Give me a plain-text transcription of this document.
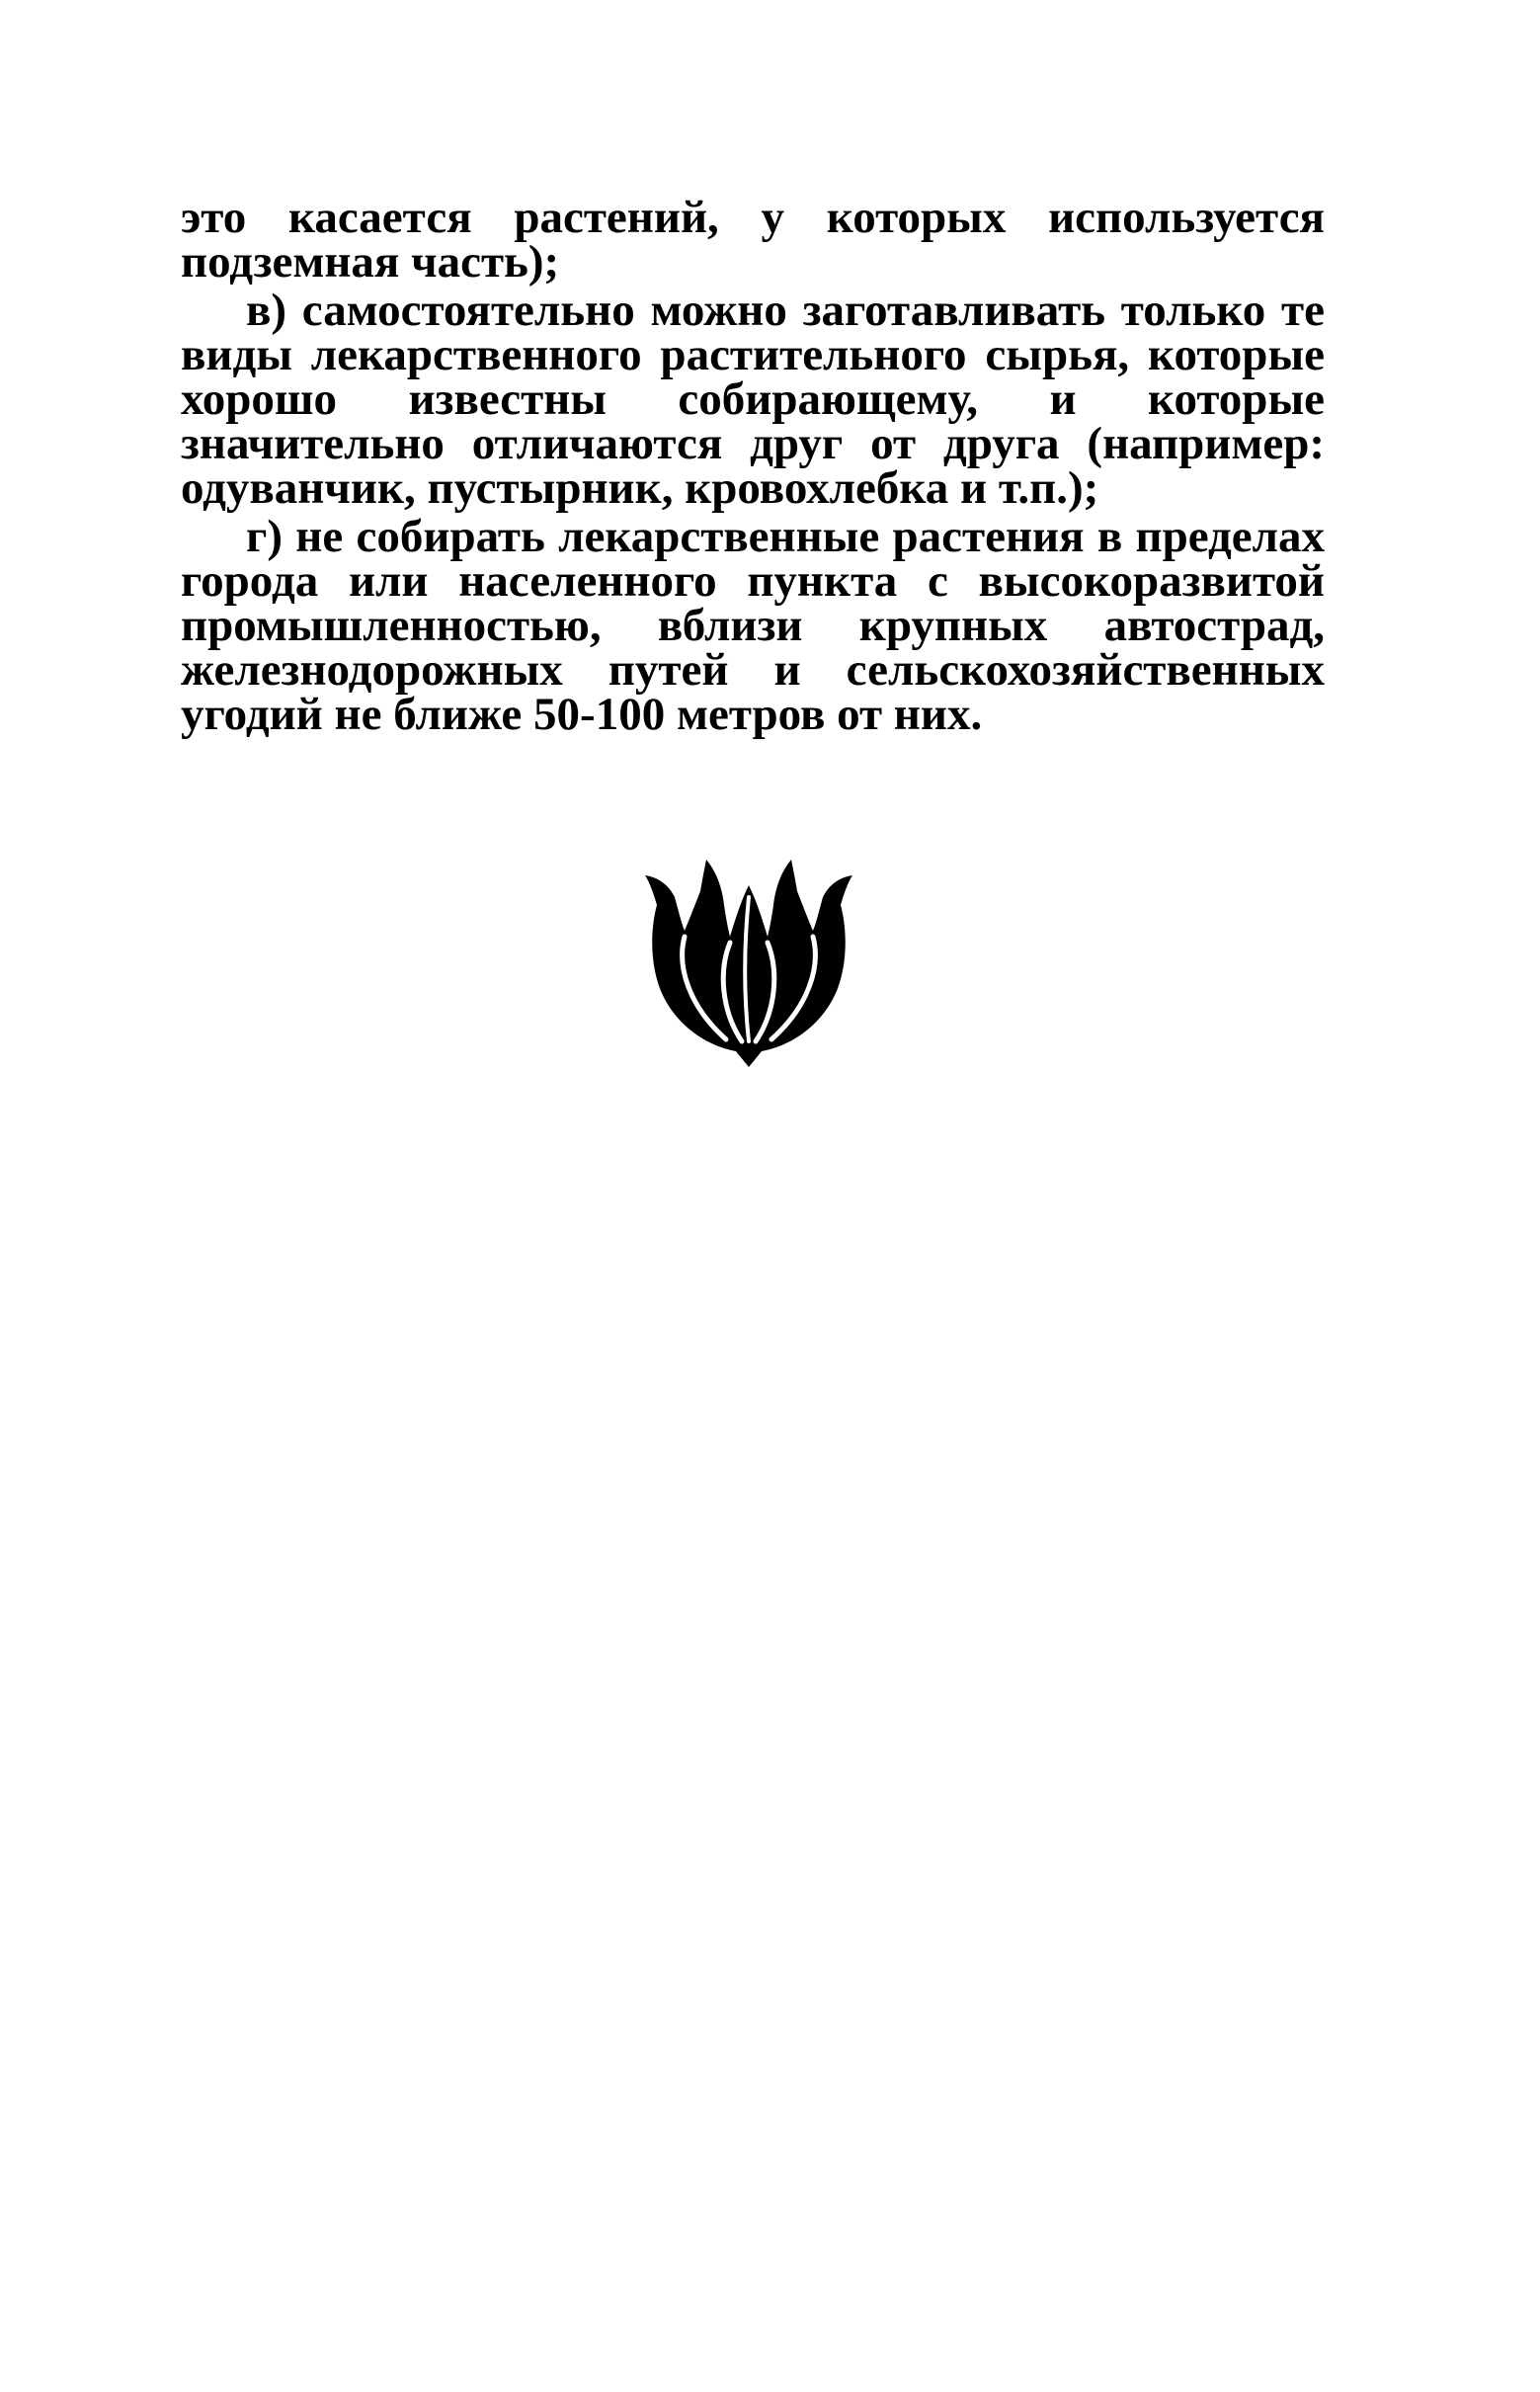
это касается растений, у которых используется подземная часть);

в) самостоятельно можно заготавливать только те виды лекарственного растительного сырья, которые хорошо известны собирающему, и которые значительно отличаются друг от друга (например: одуванчик, пустырник, кровохлебка и т.п.);

г) не собирать лекарственные растения в пределах города или населенного пункта с высокоразвитой промышленностью, вблизи крупных автострад, железнодорожных путей и сельскохозяйственных угодий не ближе 50-100 метров от них.
